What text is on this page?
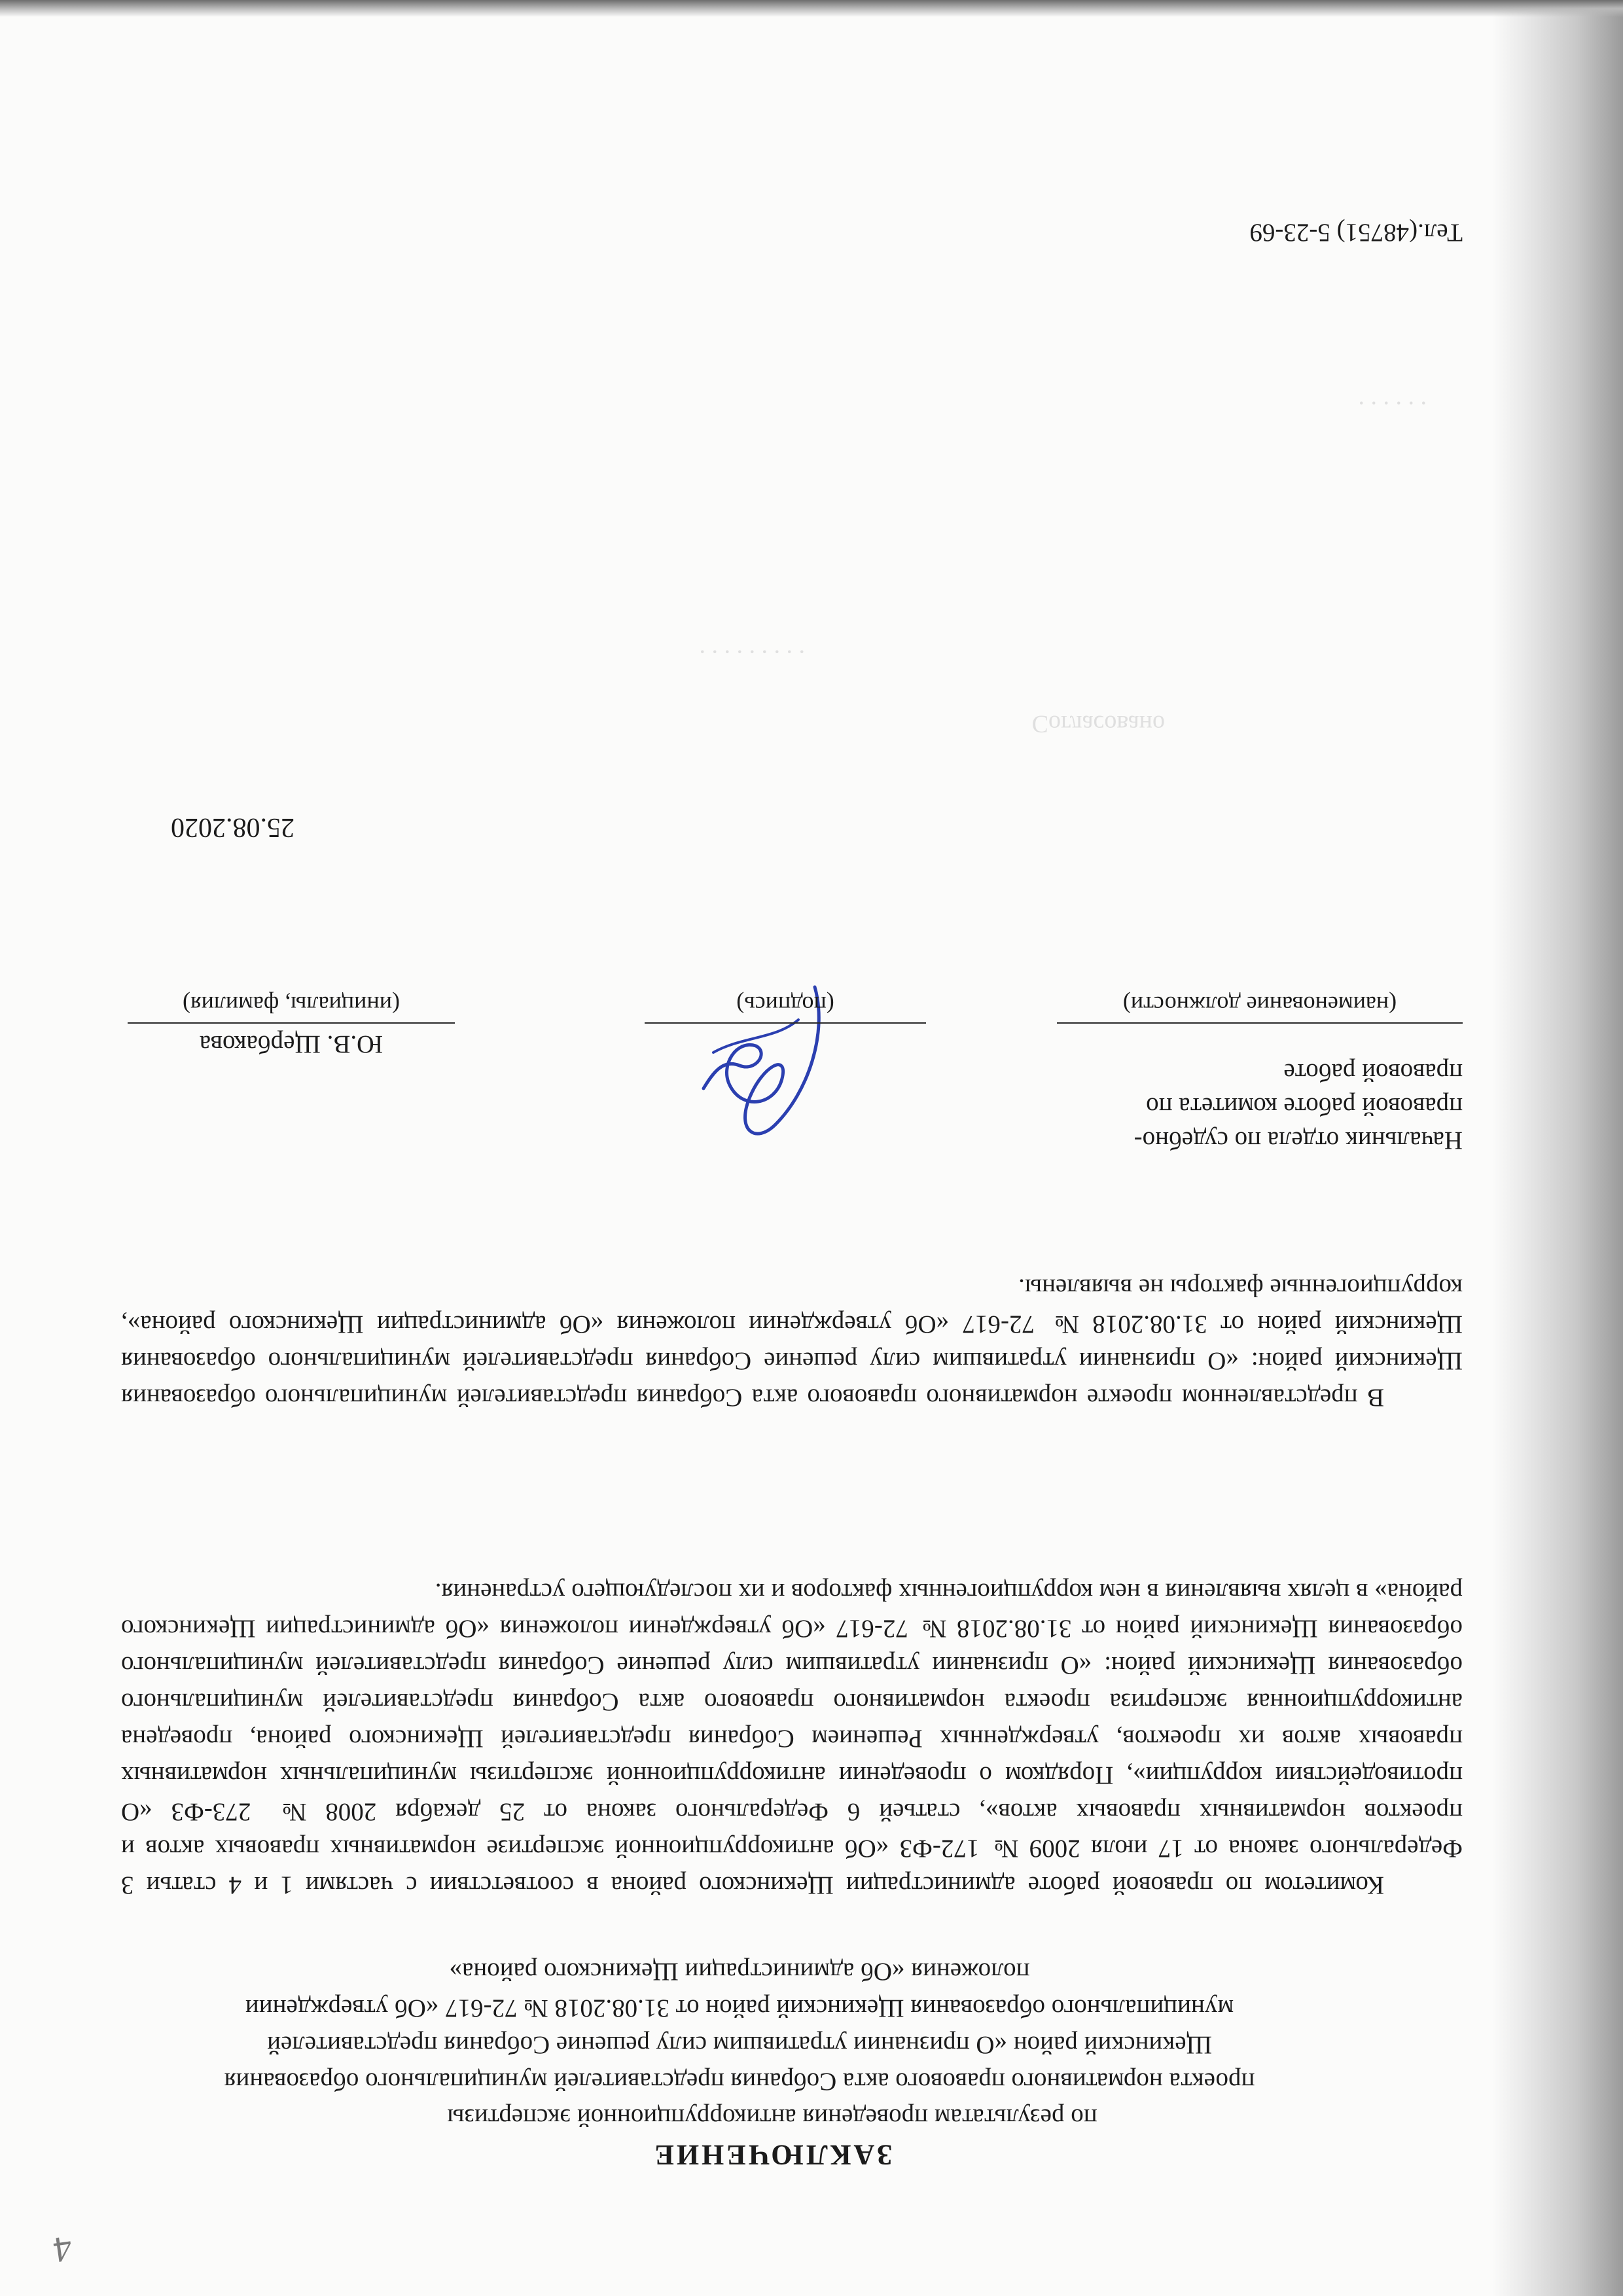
Согласовано
. . . . . . . . .
. . . . . .
4
ЗАКЛЮЧЕНИЕ

по результатам проведения антикоррупционной экспертизы

проекта нормативного правового акта Собрания представителей муниципального образования Щекинский район «О признании утратившим силу решение Собрания представителей муниципального образования Щекинский район от 31.08.2018 № 72-617 «Об утверждении положения «Об администрации Щекинского района»

Комитетом по правовой работе администрации Щекинского района в соответствии с частями 1 и 4 статьи 3 Федерального закона от 17 июля 2009 № 172-ФЗ «Об антикоррупционной экспертизе нормативных правовых актов и проектов нормативных правовых актов», статьей 6 Федерального закона от 25 декабря 2008 № 273-ФЗ «О противодействии коррупции», Порядком о проведении антикоррупционной экспертизы муниципальных нормативных правовых актов их проектов, утвержденных Решением Собрания представителей Щекинского района, проведена антикоррупционная экспертиза проекта нормативного правового акта Собрания представителей муниципального образования Щекинский район: «О признании утратившим силу решение Собрания представителей муниципального образования Щекинский район от 31.08.2018 № 72-617 «Об утверждении положения «Об администрации Щекинского района» в целях выявления в нем коррупциогенных факторов и их последующего устранения.

В представленном проекте нормативного правового акта Собрания представителей муниципального образования Щекинский район: «О признании утратившим силу решение Собрания представителей муниципального образования Щекинский район от 31.08.2018 № 72-617 «Об утверждении положения «Об администрации Щекинского района», коррупциогенные факторы не выявлены.

Начальник отдела по судебно-правовой работе комитета по правовой работе

(наименование должности)
(подпись)
Ю.В. Щербакова
(инициалы, фамилия)

25.08.2020

Тел.(48751) 5-23-69
